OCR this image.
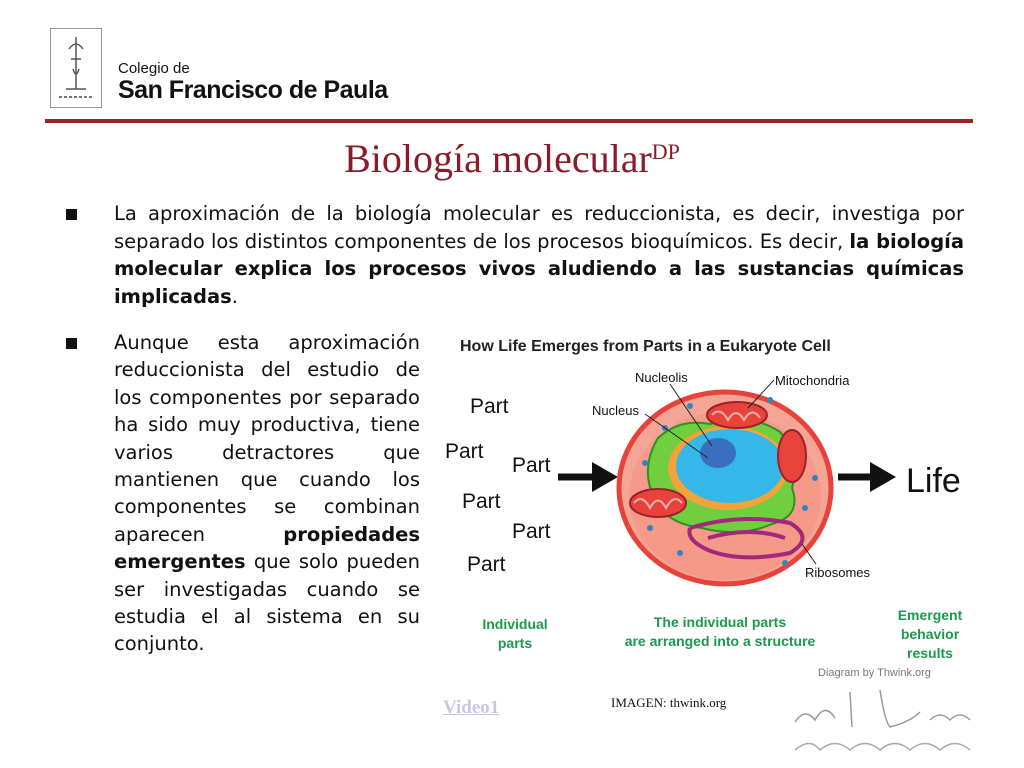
Colegio de
San Francisco de Paula
Biología molecular$^{DP}$
La aproximación de la biología molecular es reduccionista, es decir, investiga por separado los distintos componentes de los procesos bioquímicos. Es decir, la biología molecular explica los procesos vivos aludiendo a las sustancias químicas implicadas.
Aunque esta aproximación reduccionista del estudio de los componentes por separado ha sido muy productiva, tiene varios detractores que mantienen que cuando los componentes se combinan aparecen propiedades emergentes que solo pueden ser investigadas cuando se estudia el al sistema en su conjunto.
How Life Emerges from Parts in a Eukaryote Cell
Part
Part
Part
Part
Part
Part
Life
Nucleolis	Mitochondria
Nucleus
Ribosomes
Individual
parts
The individual parts
are arranged into a structure
Emergent
behavior
results
Diagram by Thwink.org
Video1	IMAGEN: thwink.org
